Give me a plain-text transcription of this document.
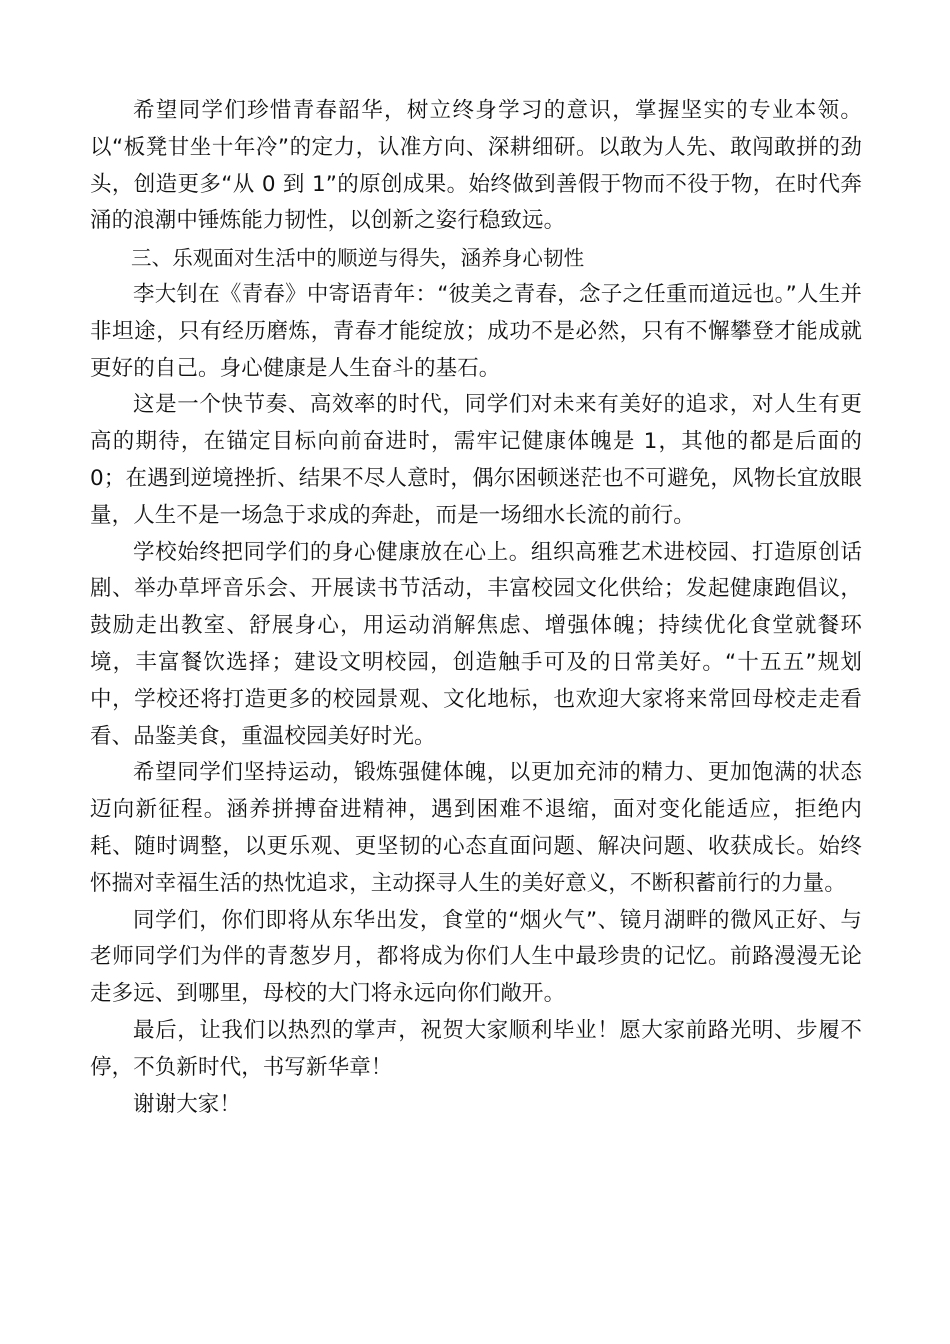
希望同学们珍惜青春韶华，树立终身学习的意识，掌握坚实的专业本领。以“板凳甘坐十年冷”的定力，认准方向、深耕细研。以敢为人先、敢闯敢拼的劲头，创造更多“从 0 到 1”的原创成果。始终做到善假于物而不役于物，在时代奔涌的浪潮中锤炼能力韧性，以创新之姿行稳致远。

三、乐观面对生活中的顺逆与得失，涵养身心韧性

李大钊在《青春》中寄语青年：“彼美之青春，念子之任重而道远也。”人生并非坦途，只有经历磨炼，青春才能绽放；成功不是必然，只有不懈攀登才能成就更好的自己。身心健康是人生奋斗的基石。

这是一个快节奏、高效率的时代，同学们对未来有美好的追求，对人生有更高的期待，在锚定目标向前奋进时，需牢记健康体魄是 1，其他的都是后面的 0；在遇到逆境挫折、结果不尽人意时，偶尔困顿迷茫也不可避免，风物长宜放眼量，人生不是一场急于求成的奔赴，而是一场细水长流的前行。

学校始终把同学们的身心健康放在心上。组织高雅艺术进校园、打造原创话剧、举办草坪音乐会、开展读书节活动，丰富校园文化供给；发起健康跑倡议，鼓励走出教室、舒展身心，用运动消解焦虑、增强体魄；持续优化食堂就餐环境，丰富餐饮选择；建设文明校园，创造触手可及的日常美好。“十五五”规划中，学校还将打造更多的校园景观、文化地标，也欢迎大家将来常回母校走走看看、品鉴美食，重温校园美好时光。

希望同学们坚持运动，锻炼强健体魄，以更加充沛的精力、更加饱满的状态迈向新征程。涵养拼搏奋进精神，遇到困难不退缩，面对变化能适应，拒绝内耗、随时调整，以更乐观、更坚韧的心态直面问题、解决问题、收获成长。始终怀揣对幸福生活的热忱追求，主动探寻人生的美好意义，不断积蓄前行的力量。

同学们，你们即将从东华出发，食堂的“烟火气”、镜月湖畔的微风正好、与老师同学们为伴的青葱岁月，都将成为你们人生中最珍贵的记忆。前路漫漫无论走多远、到哪里，母校的大门将永远向你们敞开。

最后，让我们以热烈的掌声，祝贺大家顺利毕业！愿大家前路光明、步履不停，不负新时代，书写新华章！

谢谢大家！
